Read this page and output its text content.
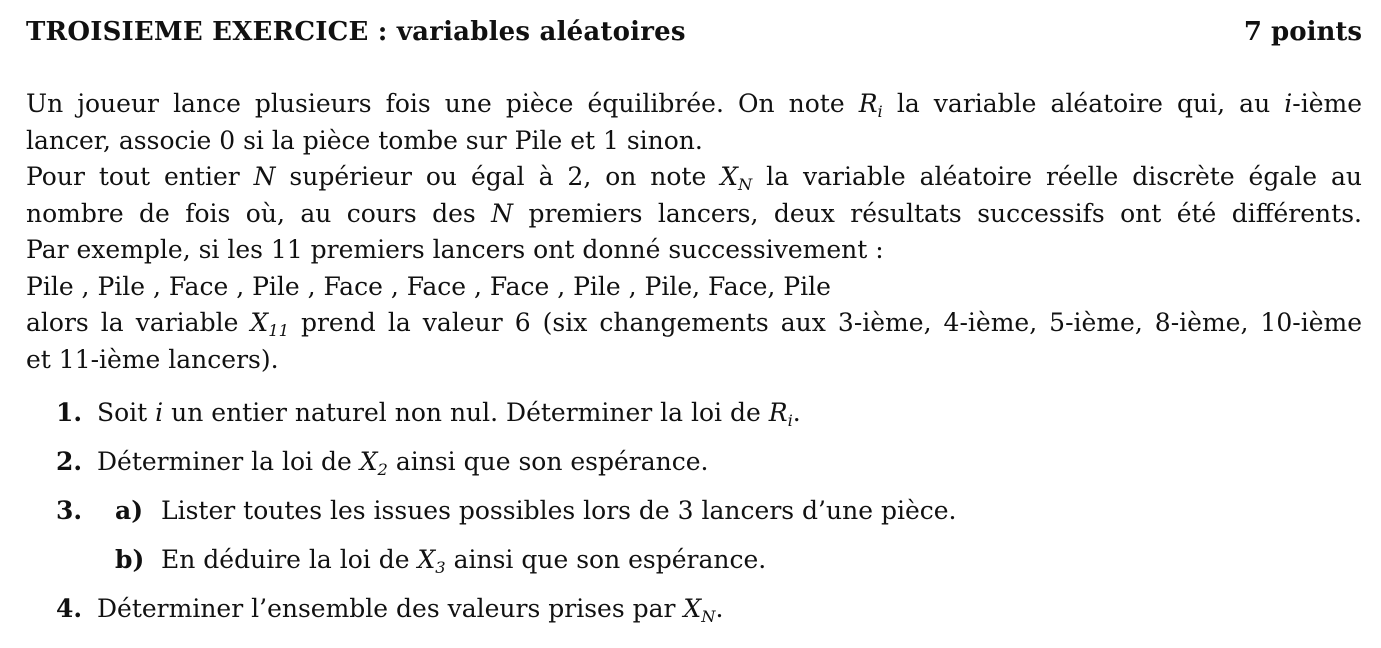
TROISIEME EXERCICE : variables aléatoires	7 points
Un joueur lance plusieurs fois une pièce équilibrée. On note $R_i$ la variable aléatoire qui, au i-ième
lancer, associe 0 si la pièce tombe sur Pile et 1 sinon.
Pour tout entier N supérieur ou égal à 2, on note $X_N$ la variable aléatoire réelle discrète égale au
nombre de fois où, au cours des N premiers lancers, deux résultats successifs ont été différents.
Par exemple, si les 11 premiers lancers ont donné successivement :
Pile , Pile , Face , Pile , Face , Face , Face , Pile , Pile, Face, Pile
alors la variable $X_{11}$ prend la valeur 6 (six changements aux 3-ième, 4-ième, 5-ième, 8-ième, 10-ième
et 11-ième lancers).
1. Soit i un entier naturel non nul. Déterminer la loi de $R_i$.
2. Déterminer la loi de $X_2$ ainsi que son espérance.
3. a) Lister toutes les issues possibles lors de 3 lancers d’une pièce.
b) En déduire la loi de $X_3$ ainsi que son espérance.
4. Déterminer l’ensemble des valeurs prises par $X_N$.
